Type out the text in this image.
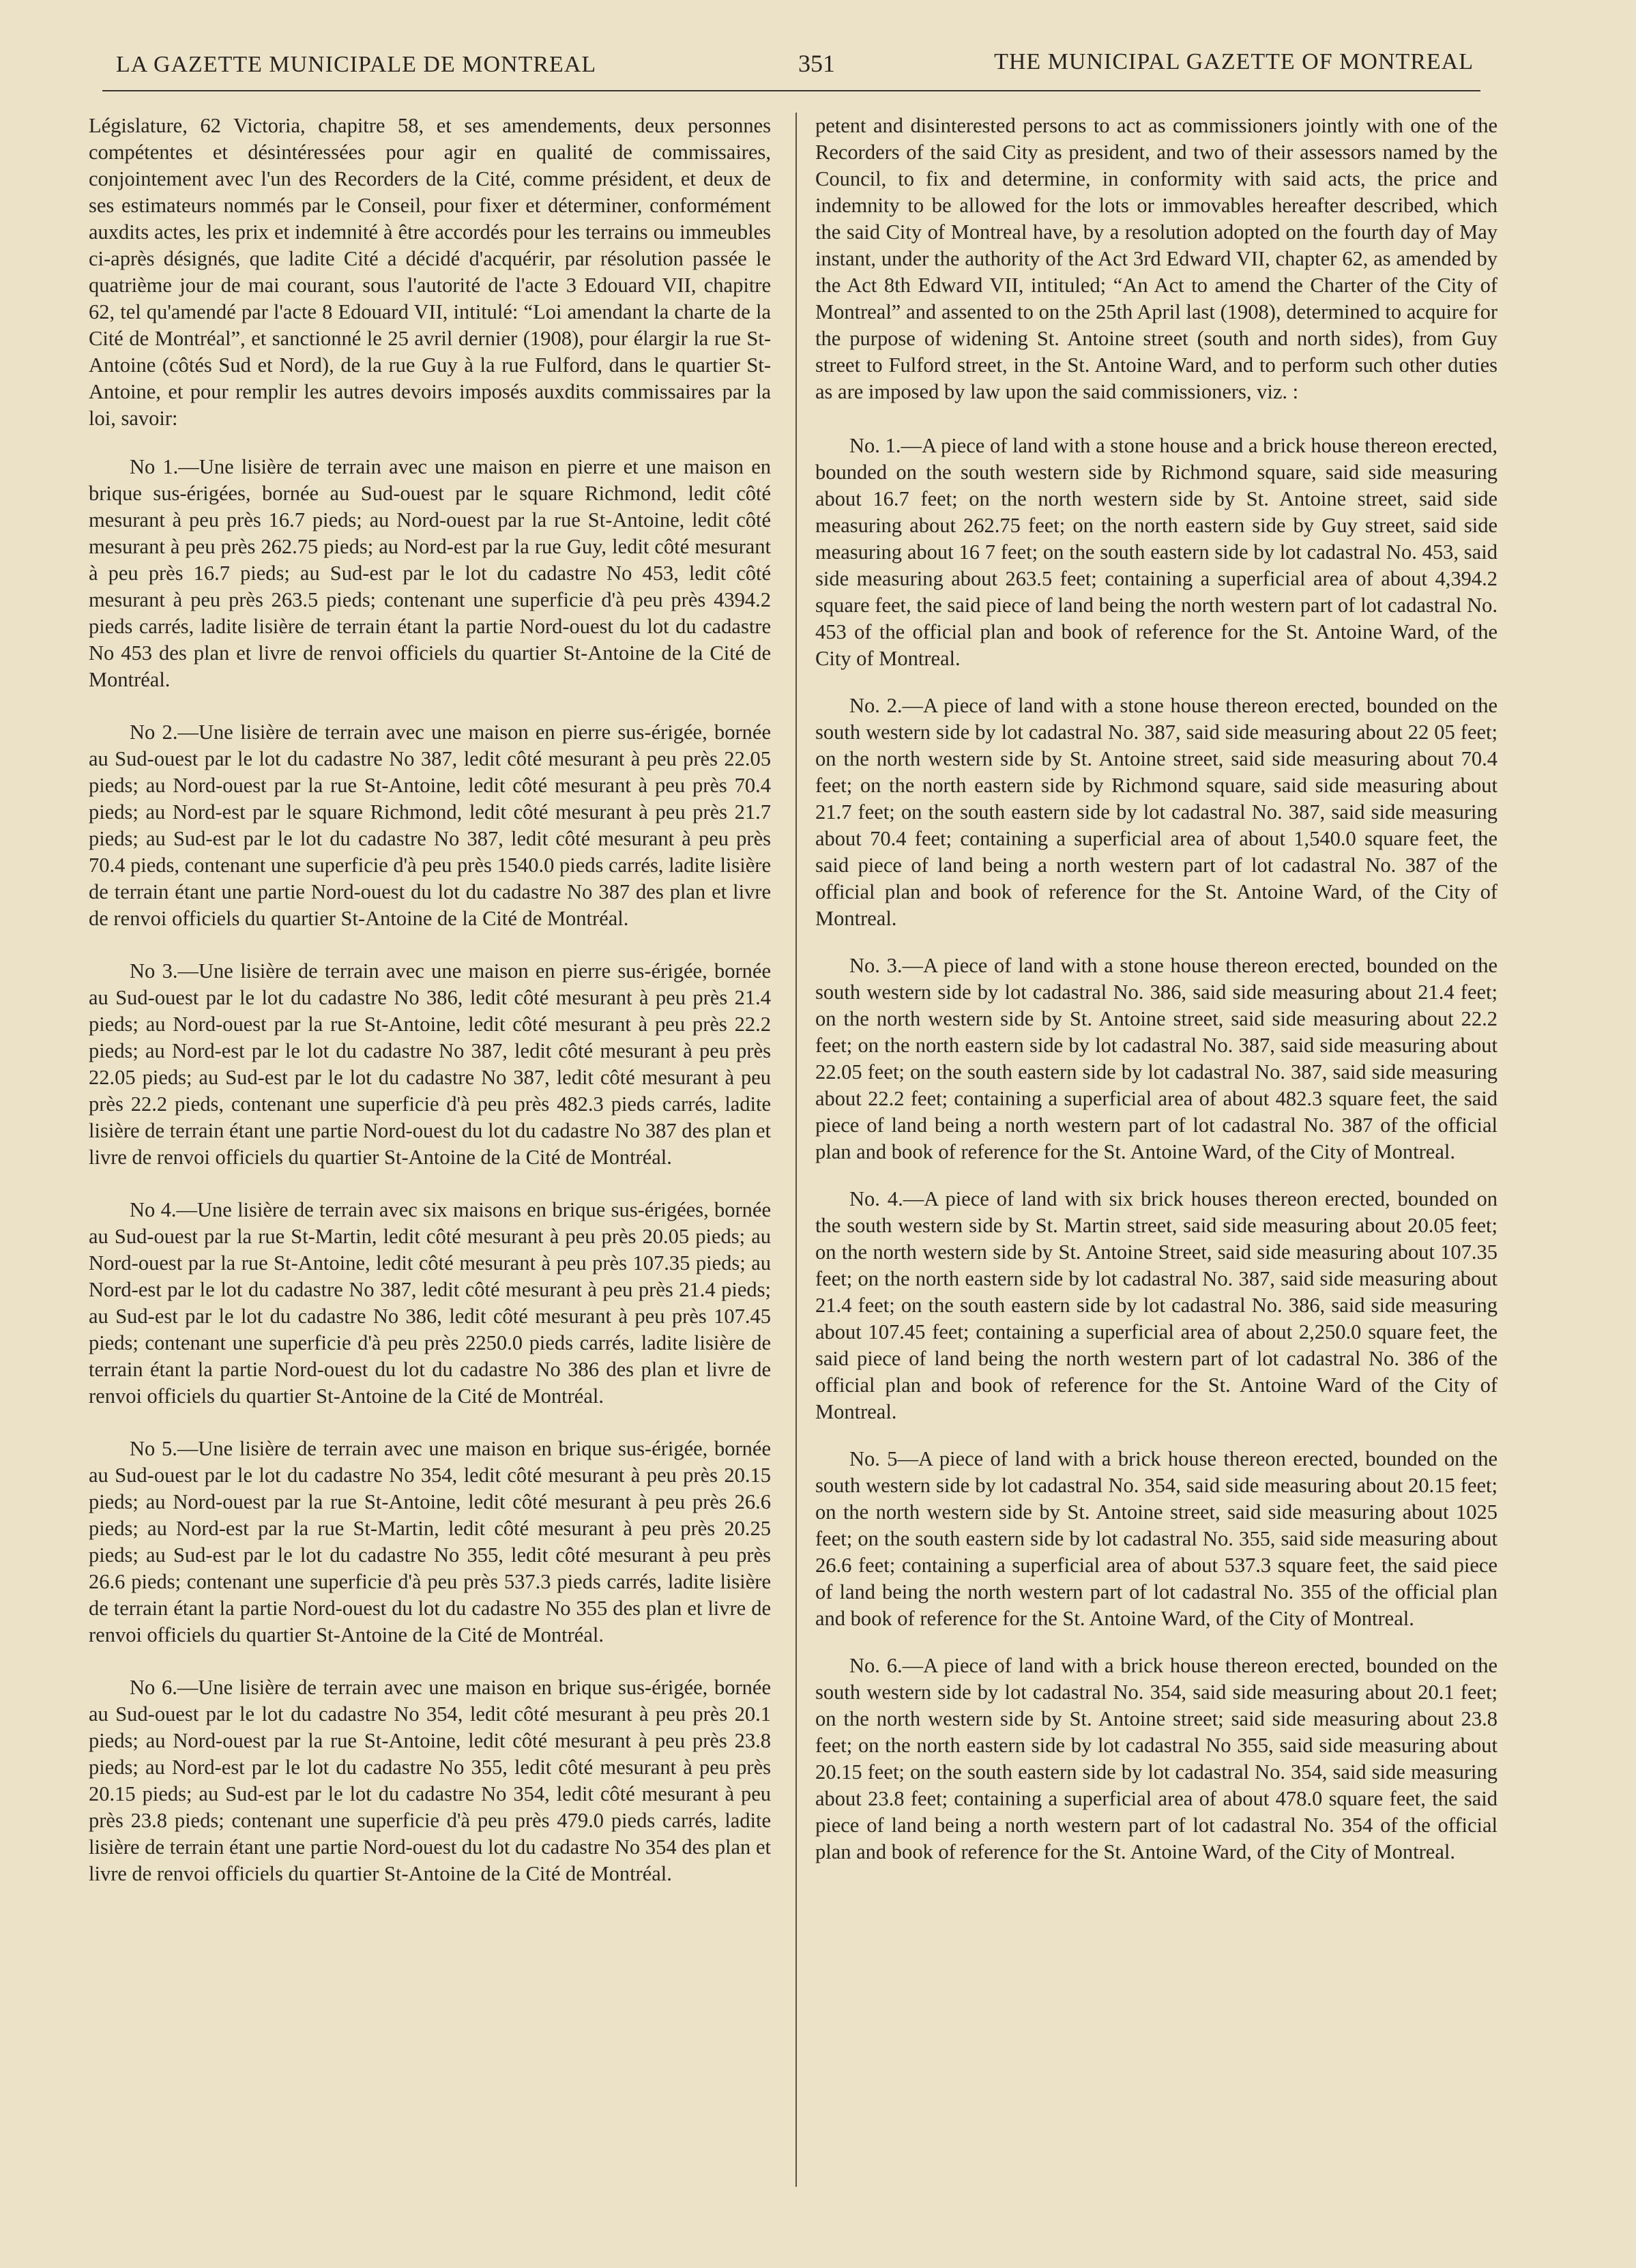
LA GAZETTE MUNICIPALE DE MONTREAL	351	THE MUNICIPAL GAZETTE OF MONTREAL

Législature, 62 Victoria, chapitre 58, et ses amendements, deux personnes compétentes et désintéressées pour agir en qualité de commissaires, conjointement avec l'un des Recorders de la Cité, comme président, et deux de ses estimateurs nommés par le Conseil, pour fixer et déterminer, conformément auxdits actes, les prix et indemnité à être accordés pour les terrains ou immeubles ci-après désignés, que ladite Cité a décidé d'acquérir, par résolution passée le quatrième jour de mai courant, sous l'autorité de l'acte 3 Edouard VII, chapitre 62, tel qu'amendé par l'acte 8 Edouard VII, intitulé: “Loi amendant la charte de la Cité de Montréal”, et sanctionné le 25 avril dernier (1908), pour élargir la rue St-Antoine (côtés Sud et Nord), de la rue Guy à la rue Fulford, dans le quartier St-Antoine, et pour remplir les autres devoirs imposés auxdits commissaires par la loi, savoir:

No 1.—Une lisière de terrain avec une maison en pierre et une maison en brique sus-érigées, bornée au Sud-ouest par le square Richmond, ledit côté mesurant à peu près 16.7 pieds; au Nord-ouest par la rue St-Antoine, ledit côté mesurant à peu près 262.75 pieds; au Nord-est par la rue Guy, ledit côté mesurant à peu près 16.7 pieds; au Sud-est par le lot du cadastre No 453, ledit côté mesurant à peu près 263.5 pieds; contenant une superficie d'à peu près 4394.2 pieds carrés, ladite lisière de terrain étant la partie Nord-ouest du lot du cadastre No 453 des plan et livre de renvoi officiels du quartier St-Antoine de la Cité de Montréal.

No 2.—Une lisière de terrain avec une maison en pierre sus-érigée, bornée au Sud-ouest par le lot du cadastre No 387, ledit côté mesurant à peu près 22.05 pieds; au Nord-ouest par la rue St-Antoine, ledit côté mesurant à peu près 70.4 pieds; au Nord-est par le square Richmond, ledit côté mesurant à peu près 21.7 pieds; au Sud-est par le lot du cadastre No 387, ledit côté mesurant à peu près 70.4 pieds, contenant une superficie d'à peu près 1540.0 pieds carrés, ladite lisière de terrain étant une partie Nord-ouest du lot du cadastre No 387 des plan et livre de renvoi officiels du quartier St-Antoine de la Cité de Montréal.

No 3.—Une lisière de terrain avec une maison en pierre sus-érigée, bornée au Sud-ouest par le lot du cadastre No 386, ledit côté mesurant à peu près 21.4 pieds; au Nord-ouest par la rue St-Antoine, ledit côté mesurant à peu près 22.2 pieds; au Nord-est par le lot du cadastre No 387, ledit côté mesurant à peu près 22.05 pieds; au Sud-est par le lot du cadastre No 387, ledit côté mesurant à peu près 22.2 pieds, contenant une superficie d'à peu près 482.3 pieds carrés, ladite lisière de terrain étant une partie Nord-ouest du lot du cadastre No 387 des plan et livre de renvoi officiels du quartier St-Antoine de la Cité de Montréal.

No 4.—Une lisière de terrain avec six maisons en brique sus-érigées, bornée au Sud-ouest par la rue St-Martin, ledit côté mesurant à peu près 20.05 pieds; au Nord-ouest par la rue St-Antoine, ledit côté mesurant à peu près 107.35 pieds; au Nord-est par le lot du cadastre No 387, ledit côté mesurant à peu près 21.4 pieds; au Sud-est par le lot du cadastre No 386, ledit côté mesurant à peu près 107.45 pieds; contenant une superficie d'à peu près 2250.0 pieds carrés, ladite lisière de terrain étant la partie Nord-ouest du lot du cadastre No 386 des plan et livre de renvoi officiels du quartier St-Antoine de la Cité de Montréal.

No 5.—Une lisière de terrain avec une maison en brique sus-érigée, bornée au Sud-ouest par le lot du cadastre No 354, ledit côté mesurant à peu près 20.15 pieds; au Nord-ouest par la rue St-Antoine, ledit côté mesurant à peu près 26.6 pieds; au Nord-est par la rue St-Martin, ledit côté mesurant à peu près 20.25 pieds; au Sud-est par le lot du cadastre No 355, ledit côté mesurant à peu près 26.6 pieds; contenant une superficie d'à peu près 537.3 pieds carrés, ladite lisière de terrain étant la partie Nord-ouest du lot du cadastre No 355 des plan et livre de renvoi officiels du quartier St-Antoine de la Cité de Montréal.

No 6.—Une lisière de terrain avec une maison en brique sus-érigée, bornée au Sud-ouest par le lot du cadastre No 354, ledit côté mesurant à peu près 20.1 pieds; au Nord-ouest par la rue St-Antoine, ledit côté mesurant à peu près 23.8 pieds; au Nord-est par le lot du cadastre No 355, ledit côté mesurant à peu près 20.15 pieds; au Sud-est par le lot du cadastre No 354, ledit côté mesurant à peu près 23.8 pieds; contenant une superficie d'à peu près 479.0 pieds carrés, ladite lisière de terrain étant une partie Nord-ouest du lot du cadastre No 354 des plan et livre de renvoi officiels du quartier St-Antoine de la Cité de Montréal.

petent and disinterested persons to act as commissioners jointly with one of the Recorders of the said City as president, and two of their assessors named by the Council, to fix and determine, in conformity with said acts, the price and indemnity to be allowed for the lots or immovables hereafter described, which the said City of Montreal have, by a resolution adopted on the fourth day of May instant, under the authority of the Act 3rd Edward VII, chapter 62, as amended by the Act 8th Edward VII, intituled; “An Act to amend the Charter of the City of Montreal” and assented to on the 25th April last (1908), determined to acquire for the purpose of widening St. Antoine street (south and north sides), from Guy street to Fulford street, in the St. Antoine Ward, and to perform such other duties as are imposed by law upon the said commissioners, viz. :

No. 1.—A piece of land with a stone house and a brick house thereon erected, bounded on the south western side by Richmond square, said side measuring about 16.7 feet; on the north western side by St. Antoine street, said side measuring about 262.75 feet; on the north eastern side by Guy street, said side measuring about 16 7 feet; on the south eastern side by lot cadastral No. 453, said side measuring about 263.5 feet; containing a superficial area of about 4,394.2 square feet, the said piece of land being the north western part of lot cadastral No. 453 of the official plan and book of reference for the St. Antoine Ward, of the City of Montreal.

No. 2.—A piece of land with a stone house thereon erected, bounded on the south western side by lot cadastral No. 387, said side measuring about 22 05 feet; on the north western side by St. Antoine street, said side measuring about 70.4 feet; on the north eastern side by Richmond square, said side measuring about 21.7 feet; on the south eastern side by lot cadastral No. 387, said side measuring about 70.4 feet; containing a superficial area of about 1,540.0 square feet, the said piece of land being a north western part of lot cadastral No. 387 of the official plan and book of reference for the St. Antoine Ward, of the City of Montreal.

No. 3.—A piece of land with a stone house thereon erected, bounded on the south western side by lot cadastral No. 386, said side measuring about 21.4 feet; on the north western side by St. Antoine street, said side measuring about 22.2 feet; on the north eastern side by lot cadastral No. 387, said side measuring about 22.05 feet; on the south eastern side by lot cadastral No. 387, said side measuring about 22.2 feet; containing a superficial area of about 482.3 square feet, the said piece of land being a north western part of lot cadastral No. 387 of the official plan and book of reference for the St. Antoine Ward, of the City of Montreal.

No. 4.—A piece of land with six brick houses thereon erected, bounded on the south western side by St. Martin street, said side measuring about 20.05 feet; on the north western side by St. Antoine Street, said side measuring about 107.35 feet; on the north eastern side by lot cadastral No. 387, said side measuring about 21.4 feet; on the south eastern side by lot cadastral No. 386, said side measuring about 107.45 feet; containing a superficial area of about 2,250.0 square feet, the said piece of land being the north western part of lot cadastral No. 386 of the official plan and book of reference for the St. Antoine Ward of the City of Montreal.

No. 5—A piece of land with a brick house thereon erected, bounded on the south western side by lot cadastral No. 354, said side measuring about 20.15 feet; on the north western side by St. Antoine street, said side measuring about 1025 feet; on the south eastern side by lot cadastral No. 355, said side measuring about 26.6 feet; containing a superficial area of about 537.3 square feet, the said piece of land being the north western part of lot cadastral No. 355 of the official plan and book of reference for the St. Antoine Ward, of the City of Montreal.

No. 6.—A piece of land with a brick house thereon erected, bounded on the south western side by lot cadastral No. 354, said side measuring about 20.1 feet; on the north western side by St. Antoine street; said side measuring about 23.8 feet; on the north eastern side by lot cadastral No 355, said side measuring about 20.15 feet; on the south eastern side by lot cadastral No. 354, said side measuring about 23.8 feet; containing a superficial area of about 478.0 square feet, the said piece of land being a north western part of lot cadastral No. 354 of the official plan and book of reference for the St. Antoine Ward, of the City of Montreal.
